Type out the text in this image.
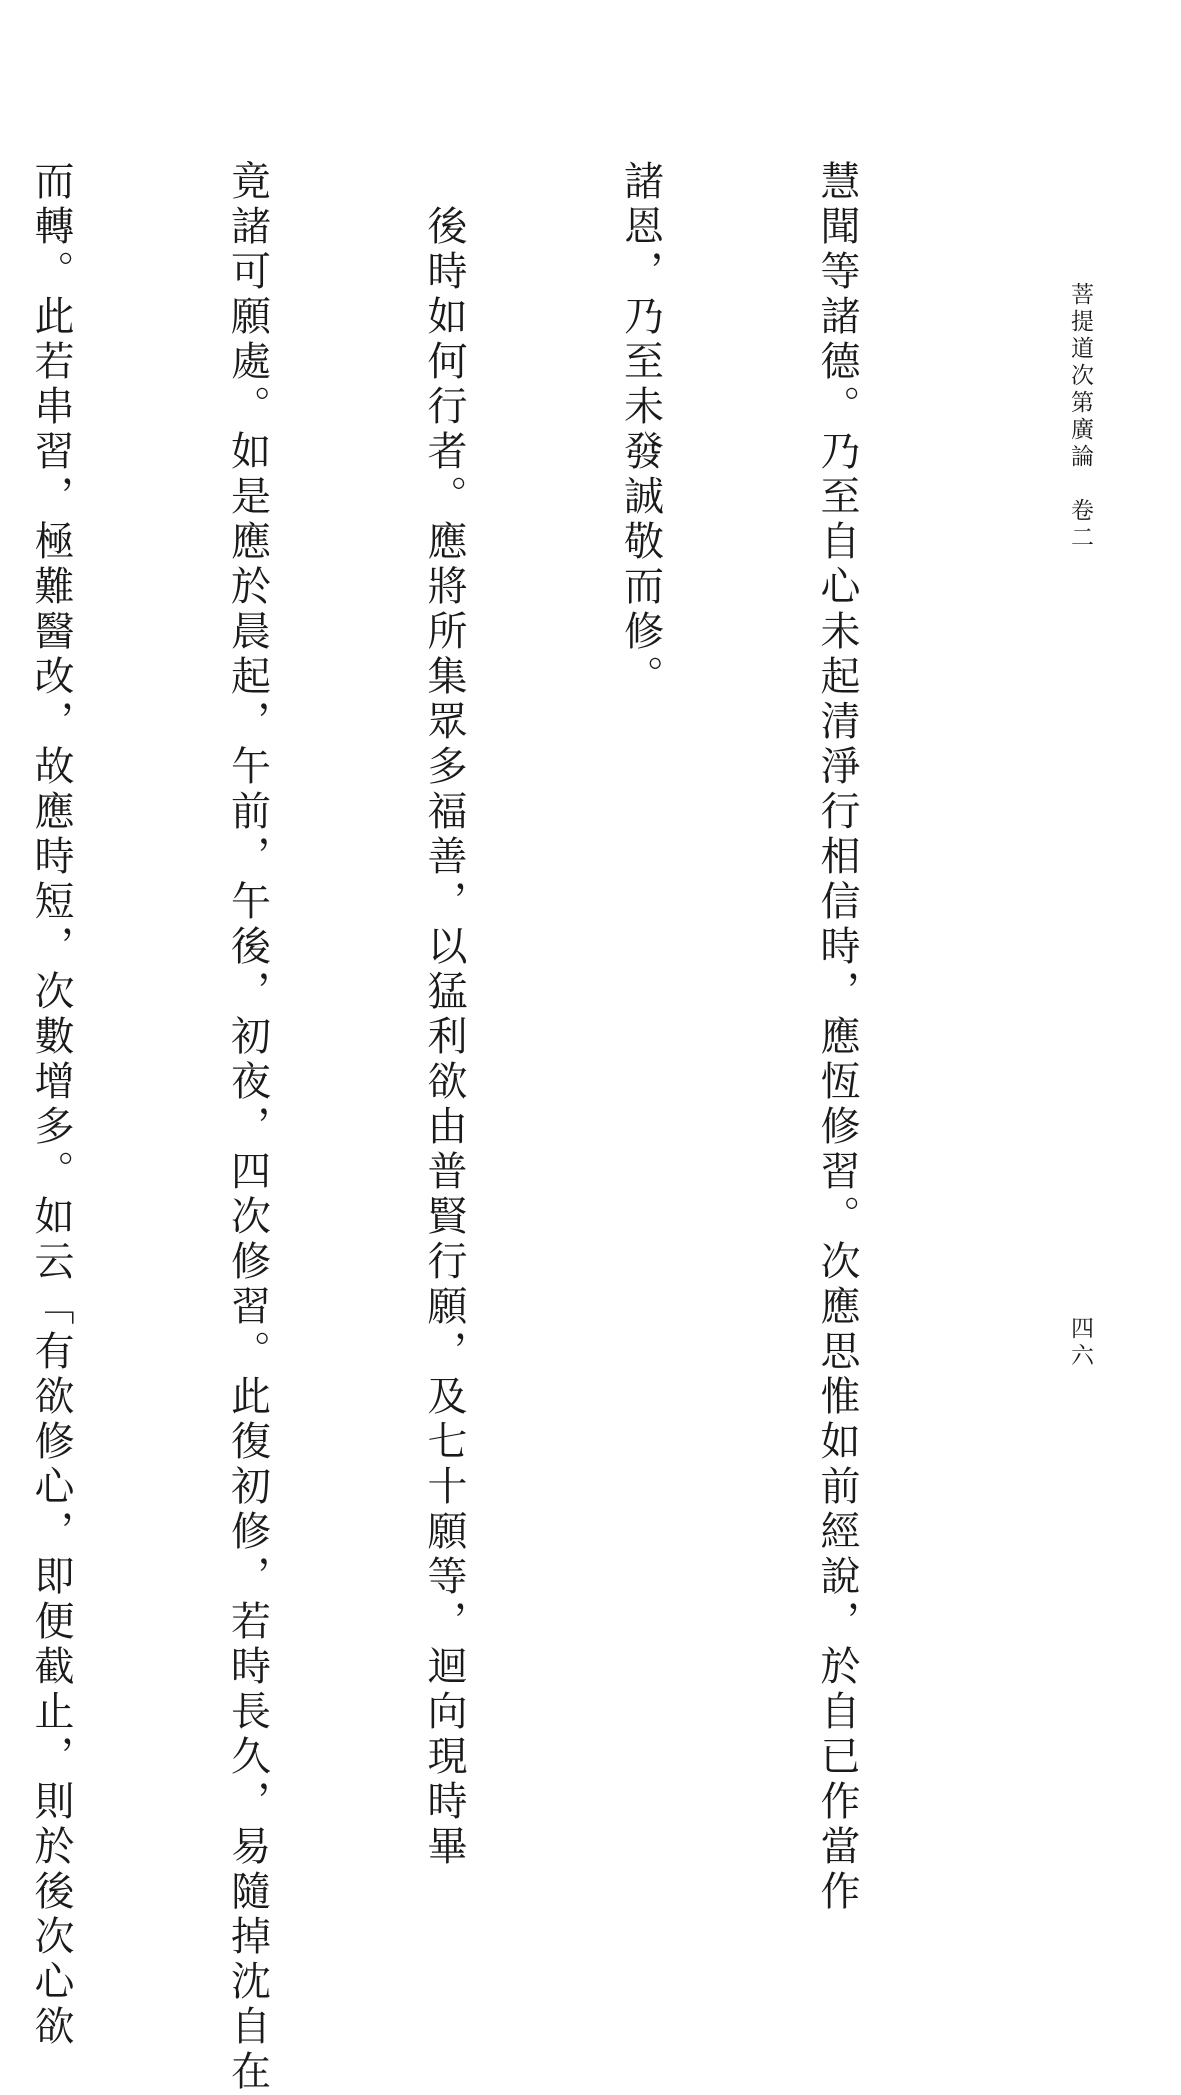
菩提道次第廣論　卷二
四六

慧聞等諸德。乃至自心未起清淨行相信時，應恆修習。次應思惟如前經說，於自已作當作

諸恩，乃至未發誠敬而修。

　後時如何行者。應將所集眾多福善，以猛利欲由普賢行願，及七十願等，迴向現時畢

竟諸可願處。如是應於晨起，午前，午後，初夜，四次修習。此復初修，若時長久，易隨掉沈自在

而轉。此若串習，極難醫改，故應時短，次數增多。如云「有欲修心，即便截止，則於後次心欲
